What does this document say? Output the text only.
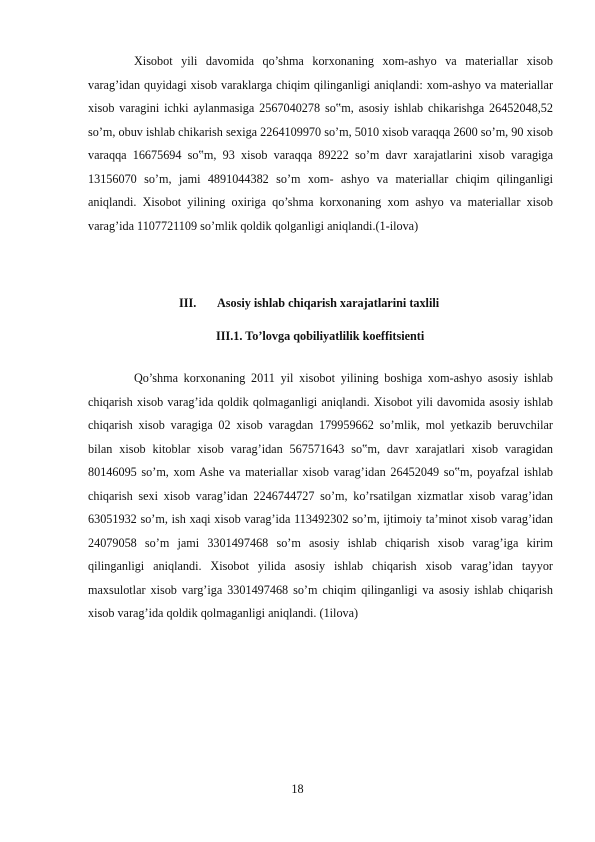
Xisobot yili davomida qo’shma korxonaning xom-ashyo va materiallar xisob varag’idan quyidagi xisob varaklarga chiqim qilinganligi aniqlandi: xom-ashyo va materiallar xisob varagini ichki aylanmasiga 2567040278 so‟m, asosiy ishlab chikarishga 26452048,52 so’m, obuv ishlab chikarish sexiga 2264109970 so’m, 5010 xisob varaqqa 2600 so’m, 90 xisob varaqqa 16675694 so‟m, 93 xisob varaqqa 89222 so’m davr xarajatlarini xisob varagiga 13156070 so’m, jami 4891044382 so’m xom- ashyo va materiallar chiqim qilinganligi aniqlandi. Xisobot yilining oxiriga qo’shma korxonaning xom ashyo va materiallar xisob varag’ida 1107721109 so’mlik qoldik qolganligi aniqlandi.(1-ilova)

III. Asosiy ishlab chiqarish xarajatlarini taxlili

III.1. To’lovga qobiliyatlilik koeffitsienti

Qo’shma korxonaning 2011 yil xisobot yilining boshiga xom-ashyo asosiy ishlab chiqarish xisob varag’ida qoldik qolmaganligi aniqlandi. Xisobot yili davomida asosiy ishlab chiqarish xisob varagiga 02 xisob varagdan 179959662 so’mlik, mol yetkazib beruvchilar bilan xisob kitoblar xisob varag’idan 567571643 so‟m, davr xarajatlari xisob varagidan 80146095 so’m, xom Ashe va materiallar xisob varag’idan 26452049 so‟m, poyafzal ishlab chiqarish sexi xisob varag’idan 2246744727 so’m, ko’rsatilgan xizmatlar xisob varag’idan 63051932 so’m, ish xaqi xisob varag’ida 113492302 so’m, ijtimoiy ta’minot xisob varag’idan 24079058 so’m jami 3301497468 so’m asosiy ishlab chiqarish xisob varag’iga kirim qilinganligi aniqlandi. Xisobot yilida asosiy ishlab chiqarish xisob varag’idan tayyor maxsulotlar xisob varg’iga 3301497468 so’m chiqim qilinganligi va asosiy ishlab chiqarish xisob varag’ida qoldik qolmaganligi aniqlandi. (1ilova)

18
